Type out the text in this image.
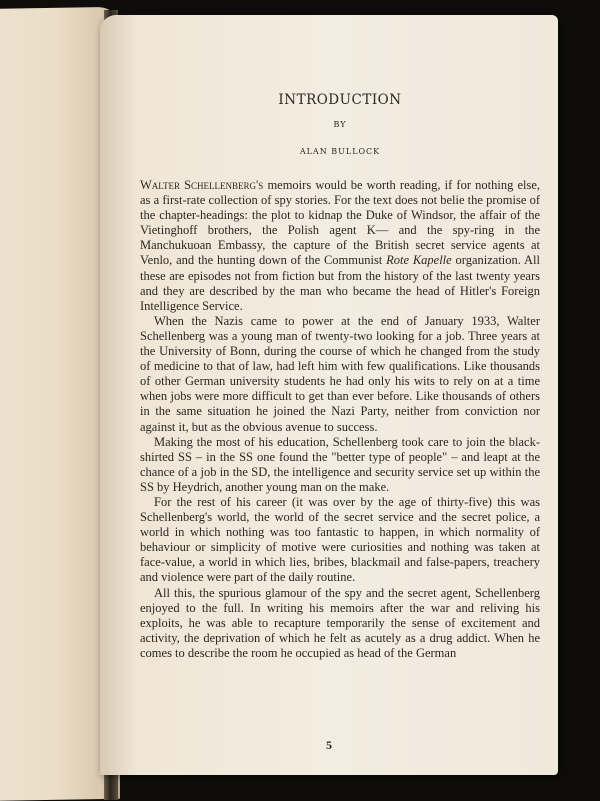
INTRODUCTION
BY
ALAN BULLOCK

Walter Schellenberg's memoirs would be worth reading, if for nothing else, as a first-rate collection of spy stories. For the text does not belie the promise of the chapter-headings: the plot to kidnap the Duke of Windsor, the affair of the Vietinghoff brothers, the Polish agent K— and the spy-ring in the Manchukuoan Embassy, the capture of the British secret service agents at Venlo, and the hunting down of the Communist Rote Kapelle organization. All these are episodes not from fiction but from the history of the last twenty years and they are described by the man who became the head of Hitler's Foreign Intelligence Service.

When the Nazis came to power at the end of January 1933, Walter Schellenberg was a young man of twenty-two looking for a job. Three years at the University of Bonn, during the course of which he changed from the study of medicine to that of law, had left him with few qualifications. Like thousands of other German university students he had only his wits to rely on at a time when jobs were more difficult to get than ever before. Like thousands of others in the same situation he joined the Nazi Party, neither from conviction nor against it, but as the obvious avenue to success.

Making the most of his education, Schellenberg took care to join the black-shirted SS – in the SS one found the "better type of people" – and leapt at the chance of a job in the SD, the intelligence and security service set up within the SS by Heydrich, another young man on the make.

For the rest of his career (it was over by the age of thirty-five) this was Schellenberg's world, the world of the secret service and the secret police, a world in which nothing was too fantastic to happen, in which normality of behaviour or simplicity of motive were curiosities and nothing was taken at face-value, a world in which lies, bribes, blackmail and false-papers, treachery and violence were part of the daily routine.

All this, the spurious glamour of the spy and the secret agent, Schellenberg enjoyed to the full. In writing his memoirs after the war and reliving his exploits, he was able to recapture temporarily the sense of excitement and activity, the deprivation of which he felt as acutely as a drug addict. When he comes to describe the room he occupied as head of the German

5
